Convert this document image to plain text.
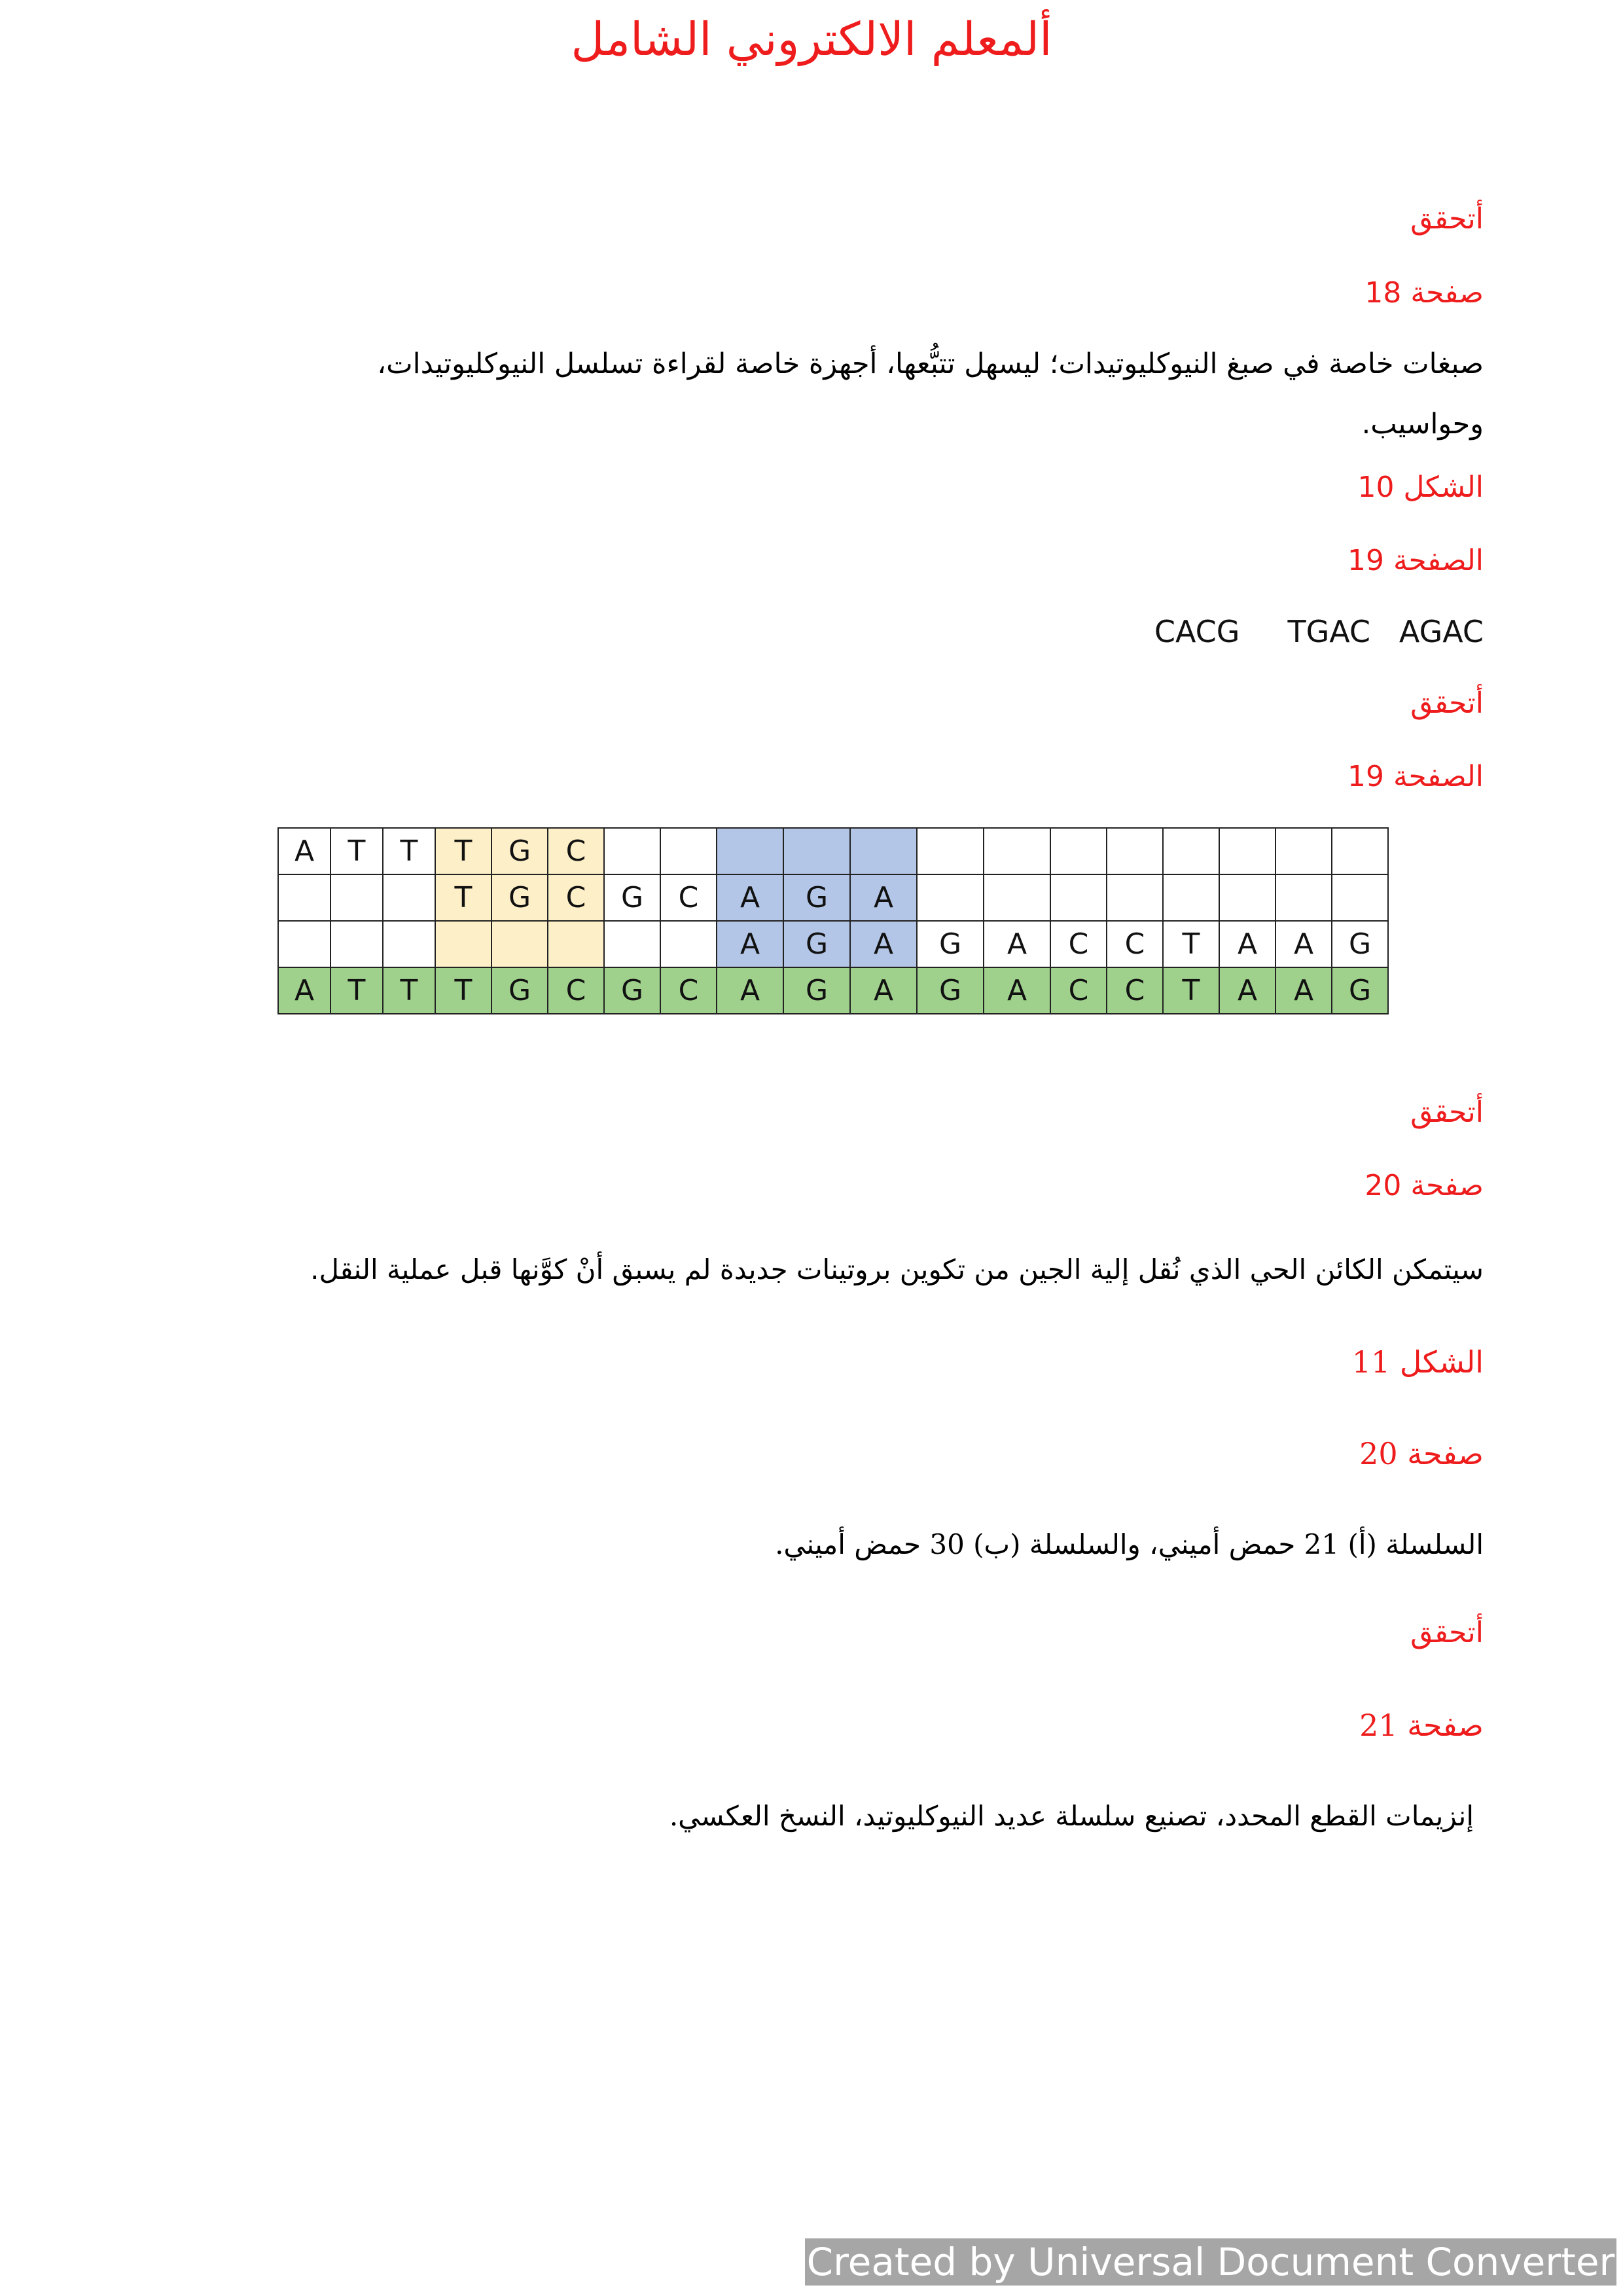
ألمعلم الالكتروني الشامل
أتحقق
صفحة 18
صبغات خاصة في صبغ النيوكليوتيدات؛ ليسهل تتبُّعها، أجهزة خاصة لقراءة تسلسل النيوكليوتيدات، وحواسيب.
الشكل 10
الصفحة 19
CACG TGAC AGAC
أتحقق
الصفحة 19
A	T	T	T	G	C													
			T	G	C	G	C	A	G	A								
								A	G	A	G	A	C	C	T	A	A	G
A	T	T	T	G	C	G	C	A	G	A	G	A	C	C	T	A	A	G
أتحقق
صفحة 20
سيتمكن الكائن الحي الذي نُقل إلية الجين من تكوين بروتينات جديدة لم يسبق أنْ كوَّنها قبل عملية النقل.
الشكل 11
صفحة 20
السلسلة (أ) 21 حمض أميني، والسلسلة (ب) 30 حمض أميني.
أتحقق
صفحة 21
إنزيمات القطع المحدد، تصنيع سلسلة عديد النيوكليوتيد، النسخ العكسي.
Created by Universal Document Converter
